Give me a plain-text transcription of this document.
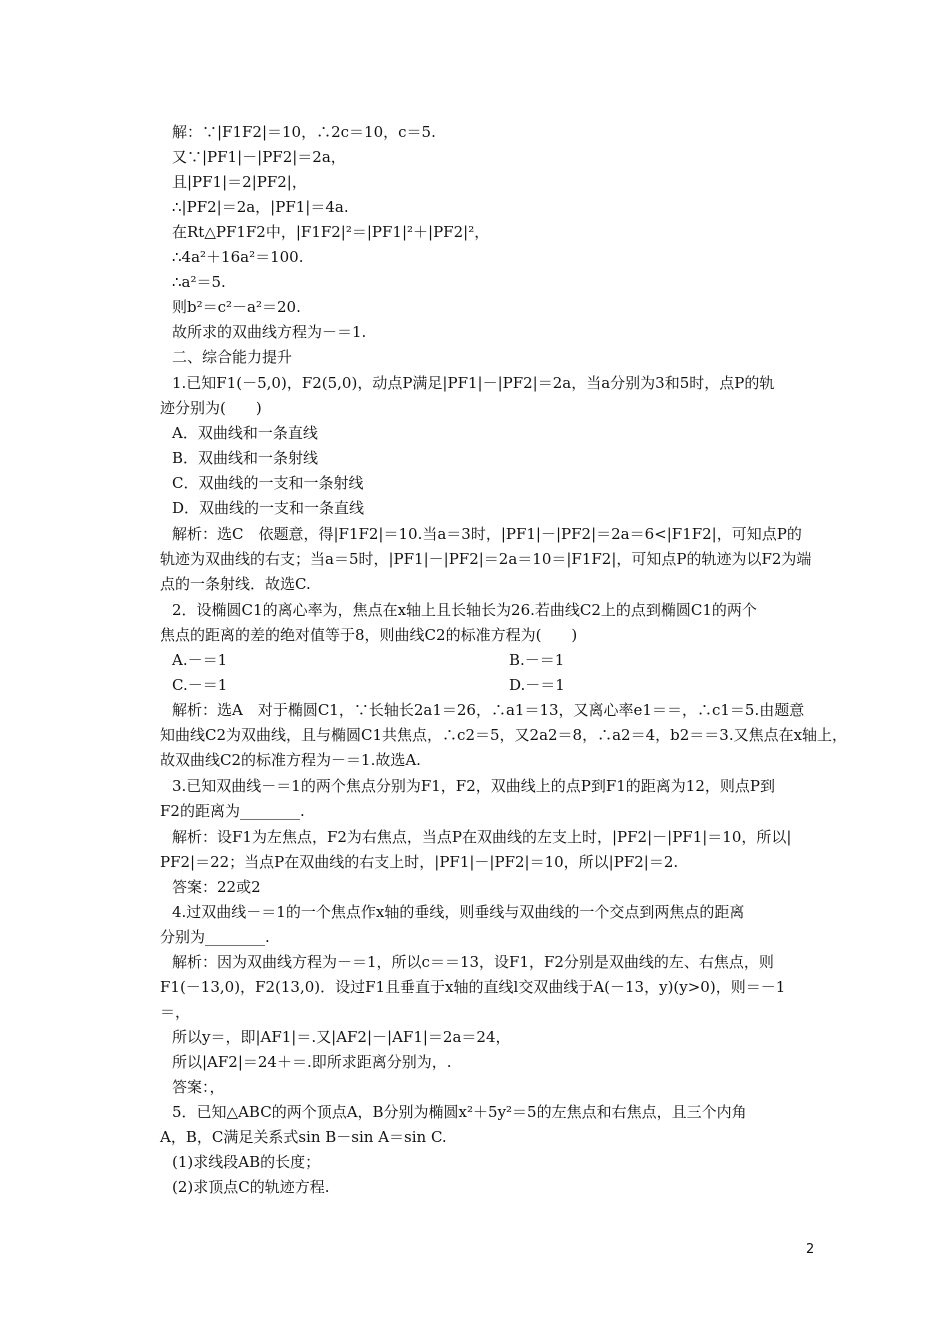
解：∵|F1F2|＝10，∴2c＝10，c＝5.
又∵|PF1|－|PF2|＝2a，
且|PF1|＝2|PF2|，
∴|PF2|＝2a，|PF1|＝4a.
在Rt△PF1F2中，|F1F2|²＝|PF1|²＋|PF2|²，
∴4a²＋16a²＝100.
∴a²＝5.
则b²＝c²－a²＝20.
故所求的双曲线方程为－＝1.
二、综合能力提升
1.已知F1(－5,0)，F2(5,0)，动点P满足|PF1|－|PF2|＝2a，当a分别为3和5时，点P的轨
迹分别为(　　)
A．双曲线和一条直线
B．双曲线和一条射线
C．双曲线的一支和一条射线
D．双曲线的一支和一条直线
解析：选C　依题意，得|F1F2|＝10.当a＝3时，|PF1|－|PF2|＝2a＝6<|F1F2|，可知点P的
轨迹为双曲线的右支；当a＝5时，|PF1|－|PF2|＝2a＝10＝|F1F2|，可知点P的轨迹为以F2为端
点的一条射线．故选C.
2．设椭圆C1的离心率为，焦点在x轴上且长轴长为26.若曲线C2上的点到椭圆C1的两个
焦点的距离的差的绝对值等于8，则曲线C2的标准方程为(　　)
A.－＝1	B.－＝1
C.－＝1	D.－＝1
解析：选A　对于椭圆C1，∵长轴长2a1＝26，∴a1＝13，又离心率e1＝＝，∴c1＝5.由题意
知曲线C2为双曲线，且与椭圆C1共焦点，∴c2＝5，又2a2＝8，∴a2＝4，b2＝＝3.又焦点在x轴上，
故双曲线C2的标准方程为－＝1.故选A.
3.已知双曲线－＝1的两个焦点分别为F1，F2，双曲线上的点P到F1的距离为12，则点P到
F2的距离为________.
解析：设F1为左焦点，F2为右焦点，当点P在双曲线的左支上时，|PF2|－|PF1|＝10，所以|
PF2|＝22；当点P在双曲线的右支上时，|PF1|－|PF2|＝10，所以|PF2|＝2.
答案：22或2
4.过双曲线－＝1的一个焦点作x轴的垂线，则垂线与双曲线的一个交点到两焦点的距离
分别为________.
解析：因为双曲线方程为－＝1，所以c＝＝13，设F1，F2分别是双曲线的左、右焦点，则
F1(－13,0)，F2(13,0)．设过F1且垂直于x轴的直线l交双曲线于A(－13，y)(y>0)，则＝－1
＝，
所以y＝，即|AF1|＝.又|AF2|－|AF1|＝2a＝24，
所以|AF2|＝24＋＝.即所求距离分别为，.
答案：，
5．已知△ABC的两个顶点A，B分别为椭圆x²＋5y²＝5的左焦点和右焦点，且三个内角
A，B，C满足关系式sin B－sin A＝sin C.
(1)求线段AB的长度；
(2)求顶点C的轨迹方程.
2
